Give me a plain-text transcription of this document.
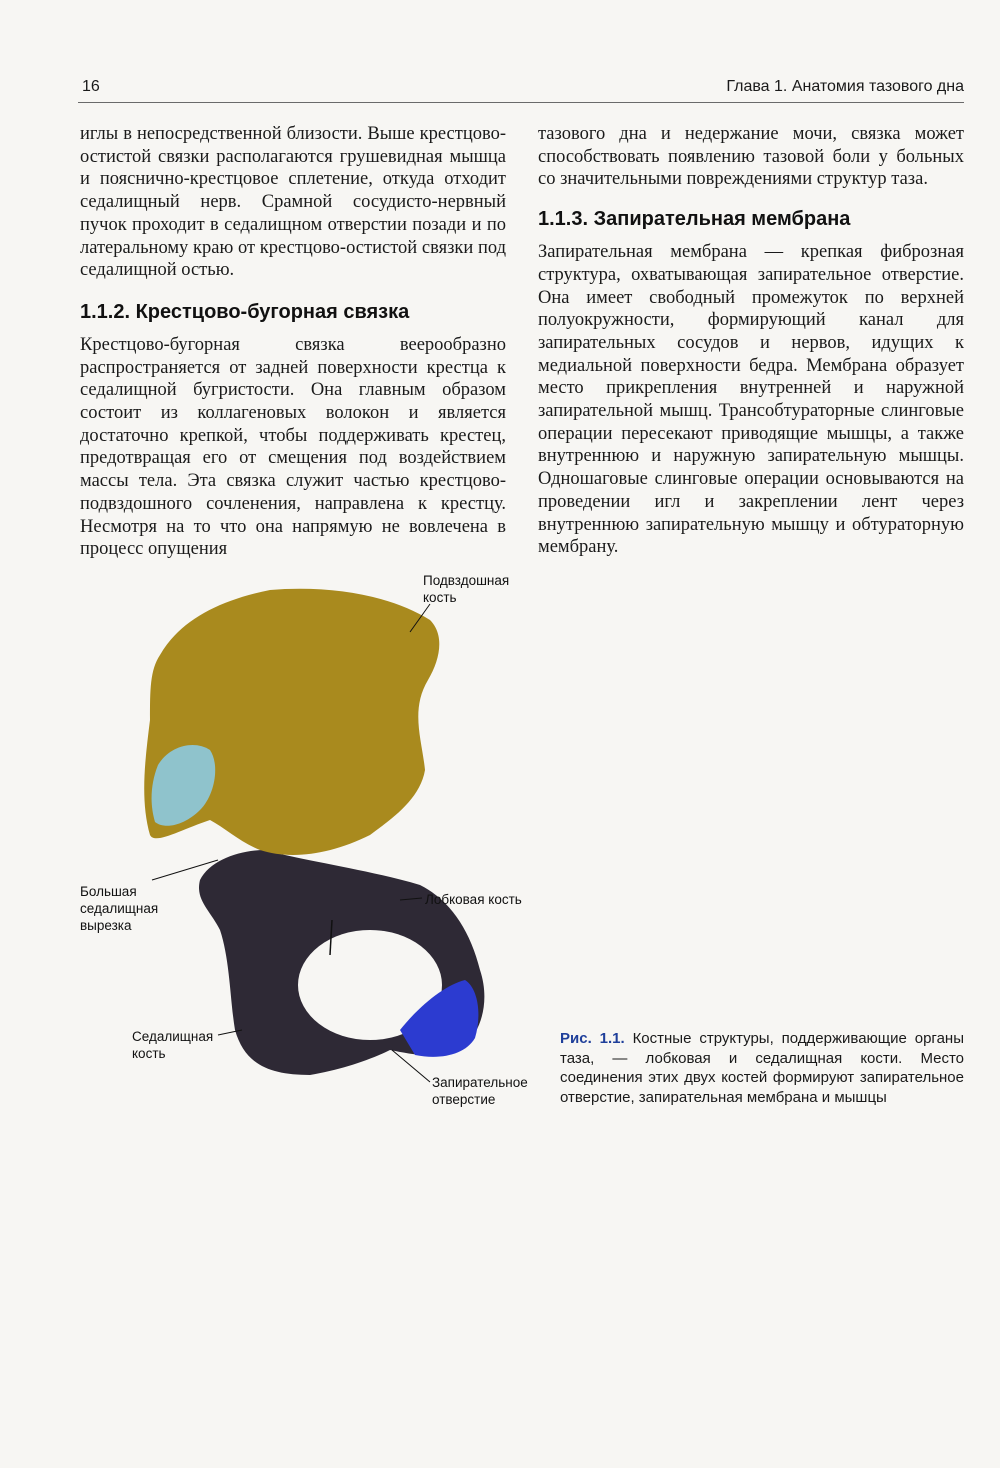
16	Глава 1. Анатомия тазового дна

иглы в непосредственной близости. Выше крестцово-остистой связки располагаются грушевидная мышца и пояснично-крестцовое сплетение, откуда отходит седалищный нерв. Срамной сосудисто-нервный пучок проходит в седалищном отверстии позади и по латеральному краю от крестцово-остистой связки под седалищной остью.

1.1.2. Крестцово-бугорная связка

Крестцово-бугорная связка веерообразно распространяется от задней поверхности крестца к седалищной бугристости. Она главным образом состоит из коллагеновых волокон и является достаточно крепкой, чтобы поддерживать крестец, предотвращая его от смещения под воздействием массы тела. Эта связка служит частью крестцово-подвздошного сочленения, направлена к крестцу. Несмотря на то что она напрямую не вовлечена в процесс опущения

тазового дна и недержание мочи, связка может способствовать появлению тазовой боли у больных со значительными повреждениями структур таза.

1.1.3. Запирательная мембрана

Запирательная мембрана — крепкая фиброзная структура, охватывающая запирательное отверстие. Она имеет свободный промежуток по верхней полуокружности, формирующий канал для запирательных сосудов и нервов, идущих к медиальной поверхности бедра. Мембрана образует место прикрепления внутренней и наружной запирательной мышц. Трансобтураторные слинговые операции пересекают приводящие мышцы, а также внутреннюю и наружную запирательную мышцы. Одношаговые слинговые операции основываются на проведении игл и закреплении лент через внутреннюю запирательную мышцу и обтураторную мембрану.

Подвздошная кость
Большая седалищная вырезка
Лобковая кость
Седалищная кость
Запирательное отверстие
Рис. 1.1. Костные структуры, поддерживающие органы таза, — лобковая и седалищная кости. Место соединения этих двух костей формируют запирательное отверстие, запирательная мембрана и мышцы
